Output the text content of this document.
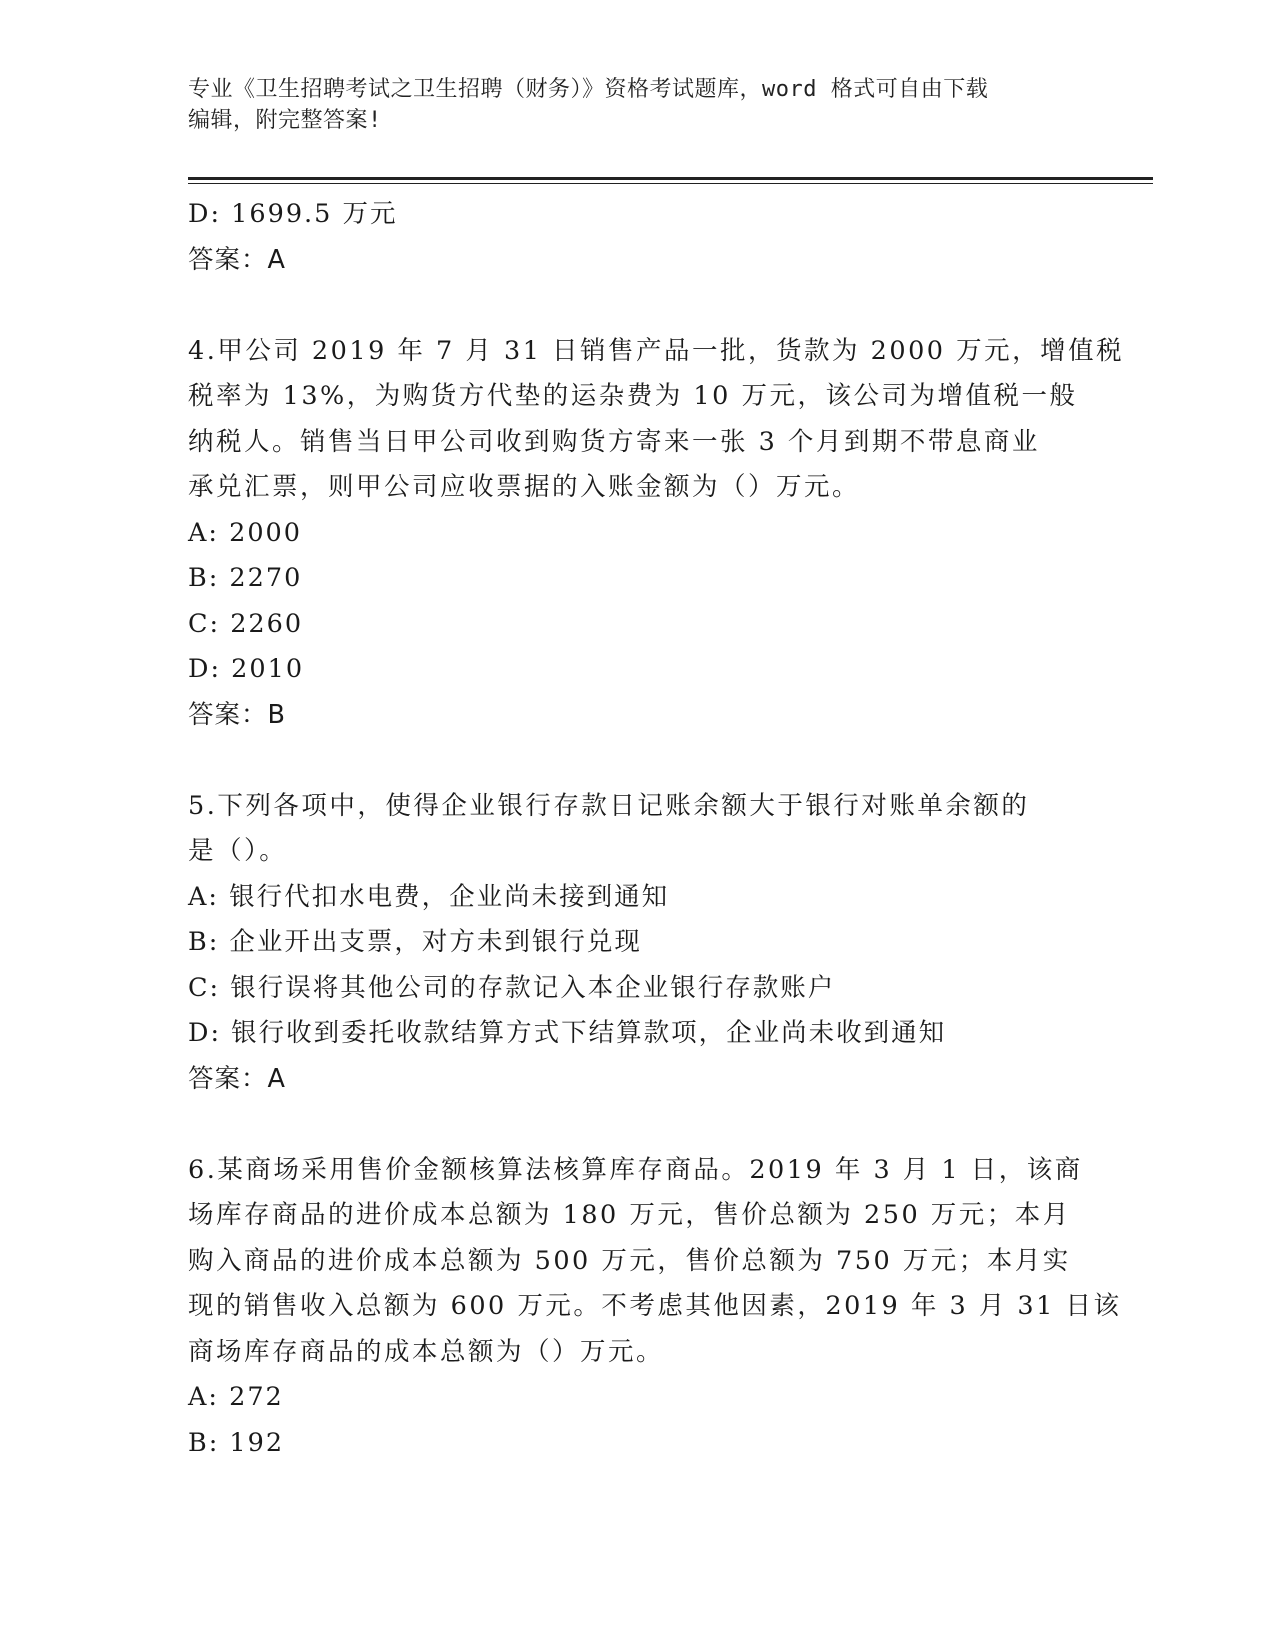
专业《卫生招聘考试之卫生招聘（财务）》资格考试题库，word 格式可自由下载
编辑，附完整答案!
D: 1699.5 万元
答案：A
4.甲公司 2019 年 7 月 31 日销售产品一批，货款为 2000 万元，增值税
税率为 13%，为购货方代垫的运杂费为 10 万元，该公司为增值税一般
纳税人。销售当日甲公司收到购货方寄来一张 3 个月到期不带息商业
承兑汇票，则甲公司应收票据的入账金额为（）万元。
A: 2000
B: 2270
C: 2260
D: 2010
答案：B
5.下列各项中，使得企业银行存款日记账余额大于银行对账单余额的
是（）。
A: 银行代扣水电费，企业尚未接到通知
B: 企业开出支票，对方未到银行兑现
C: 银行误将其他公司的存款记入本企业银行存款账户
D: 银行收到委托收款结算方式下结算款项，企业尚未收到通知
答案：A
6.某商场采用售价金额核算法核算库存商品。2019 年 3 月 1 日，该商
场库存商品的进价成本总额为 180 万元，售价总额为 250 万元；本月
购入商品的进价成本总额为 500 万元，售价总额为 750 万元；本月实
现的销售收入总额为 600 万元。不考虑其他因素，2019 年 3 月 31 日该
商场库存商品的成本总额为（）万元。
A: 272
B: 192
